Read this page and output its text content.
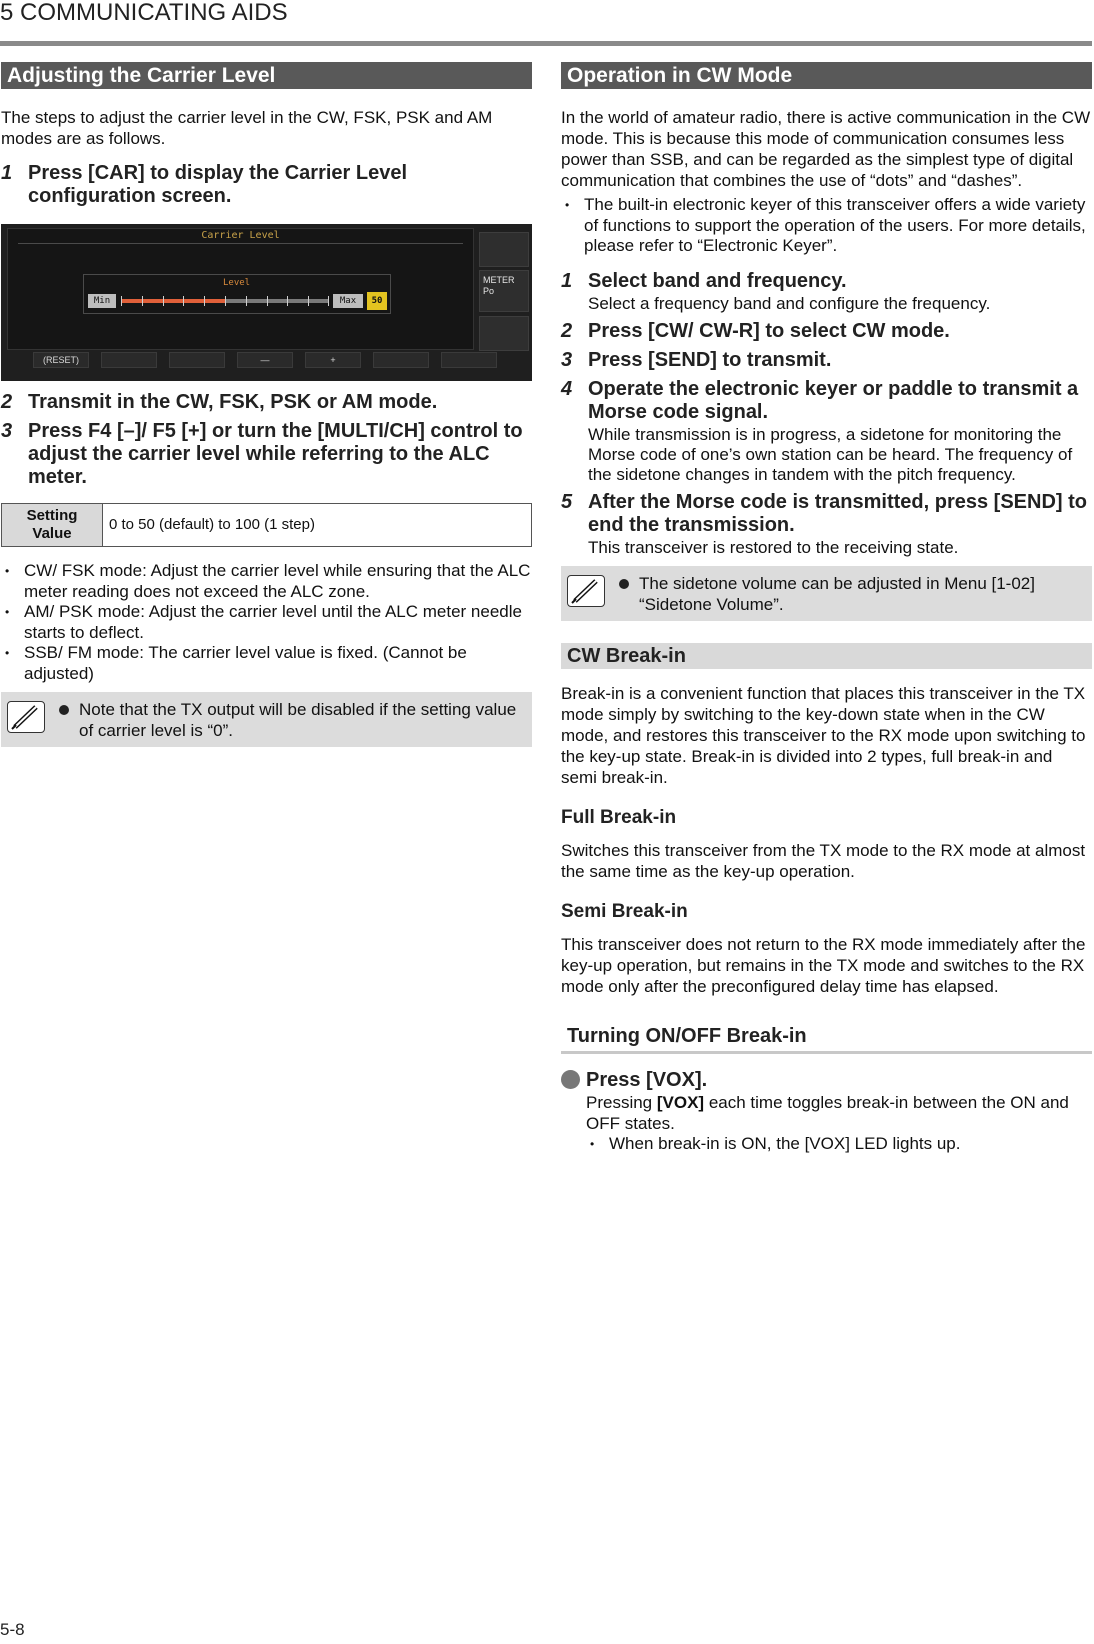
5 COMMUNICATING AIDS
Adjusting the Carrier Level

The steps to adjust the carrier level in the CW, FSK, PSK and AM modes are as follows.

1 Press [CAR] to display the Carrier Level configuration screen.
Carrier Level
Level
Min	Max	50
METER
Po
(RESET)	—	+
2 Transmit in the CW, FSK, PSK or AM mode.
3 Press F4 [–]/ F5 [+] or turn the [MULTI/CH] control to adjust the carrier level while referring to the ALC meter.
Setting Value	0 to 50 (default) to 100 (1 step)
• CW/ FSK mode: Adjust the carrier level while ensuring that the ALC meter reading does not exceed the ALC zone.
• AM/ PSK mode: Adjust the carrier level until the ALC meter needle starts to deflect.
• SSB/ FM mode: The carrier level value is fixed. (Cannot be adjusted)
Note that the TX output will be disabled if the setting value of carrier level is “0”.
Operation in CW Mode

In the world of amateur radio, there is active communication in the CW mode. This is because this mode of communication consumes less power than SSB, and can be regarded as the simplest type of digital communication that combines the use of “dots” and “dashes”.

• The built-in electronic keyer of this transceiver offers a wide variety of functions to support the operation of the users. For more details, please refer to “Electronic Keyer”.
1 Select band and frequency.
Select a frequency band and configure the frequency.
2 Press [CW/ CW-R] to select CW mode.
3 Press [SEND] to transmit.
4 Operate the electronic keyer or paddle to transmit a Morse code signal.
While transmission is in progress, a sidetone for monitoring the Morse code of one’s own station can be heard. The frequency of the sidetone changes in tandem with the pitch frequency.
5 After the Morse code is transmitted, press [SEND] to end the transmission.
This transceiver is restored to the receiving state.
The sidetone volume can be adjusted in Menu [1-02] “Sidetone Volume”.
CW Break-in

Break-in is a convenient function that places this transceiver in the TX mode simply by switching to the key-down state when in the CW mode, and restores this transceiver to the RX mode upon switching to the key-up state. Break-in is divided into 2 types, full break-in and semi break-in.

Full Break-in

Switches this transceiver from the TX mode to the RX mode at almost the same time as the key-up operation.

Semi Break-in

This transceiver does not return to the RX mode immediately after the key-up operation, but remains in the TX mode and switches to the RX mode only after the preconfigured delay time has elapsed.

Turning ON/OFF Break-in
Press [VOX].

Pressing [VOX] each time toggles break-in between the ON and OFF states.

• When break-in is ON, the [VOX] LED lights up.
5-8
